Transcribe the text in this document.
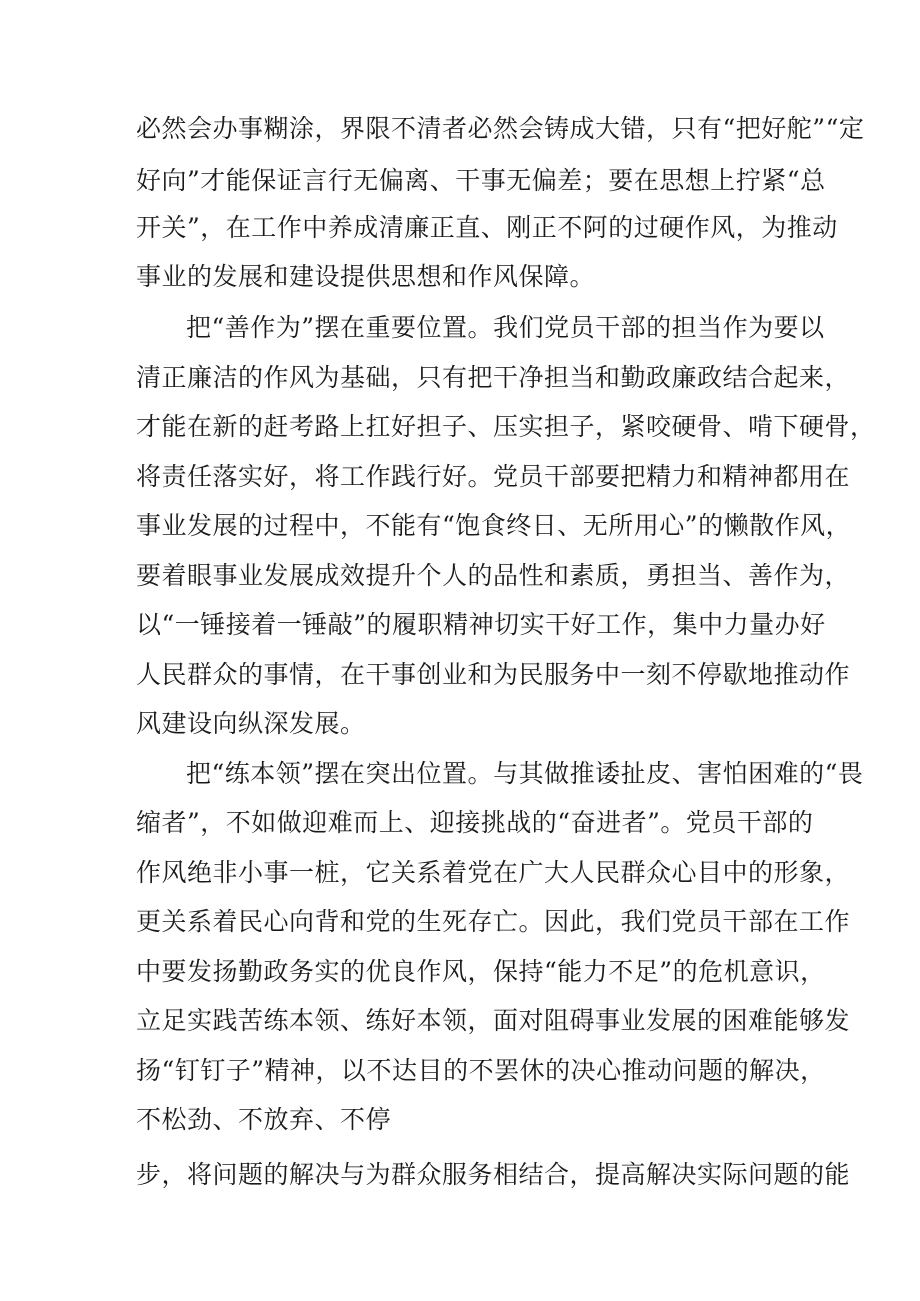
必然会办事糊涂，界限不清者必然会铸成大错，只有“把好舵”“定
好向”才能保证言行无偏离、干事无偏差；要在思想上拧紧“总
开关”，在工作中养成清廉正直、刚正不阿的过硬作风，为推动
事业的发展和建设提供思想和作风保障。
把“善作为”摆在重要位置。我们党员干部的担当作为要以
清正廉洁的作风为基础，只有把干净担当和勤政廉政结合起来，
才能在新的赶考路上扛好担子、压实担子，紧咬硬骨、啃下硬骨，
将责任落实好，将工作践行好。党员干部要把精力和精神都用在
事业发展的过程中，不能有“饱食终日、无所用心”的懒散作风，
要着眼事业发展成效提升个人的品性和素质，勇担当、善作为，
以“一锤接着一锤敲”的履职精神切实干好工作，集中力量办好
人民群众的事情，在干事创业和为民服务中一刻不停歇地推动作
风建设向纵深发展。
把“练本领”摆在突出位置。与其做推诿扯皮、害怕困难的“畏
缩者”，不如做迎难而上、迎接挑战的“奋进者”。党员干部的
作风绝非小事一桩，它关系着党在广大人民群众心目中的形象，
更关系着民心向背和党的生死存亡。因此，我们党员干部在工作
中要发扬勤政务实的优良作风，保持“能力不足”的危机意识，
立足实践苦练本领、练好本领，面对阻碍事业发展的困难能够发
扬“钉钉子”精神，以不达目的不罢休的决心推动问题的解决，
不松劲、不放弃、不停
步，将问题的解决与为群众服务相结合，提高解决实际问题的能
